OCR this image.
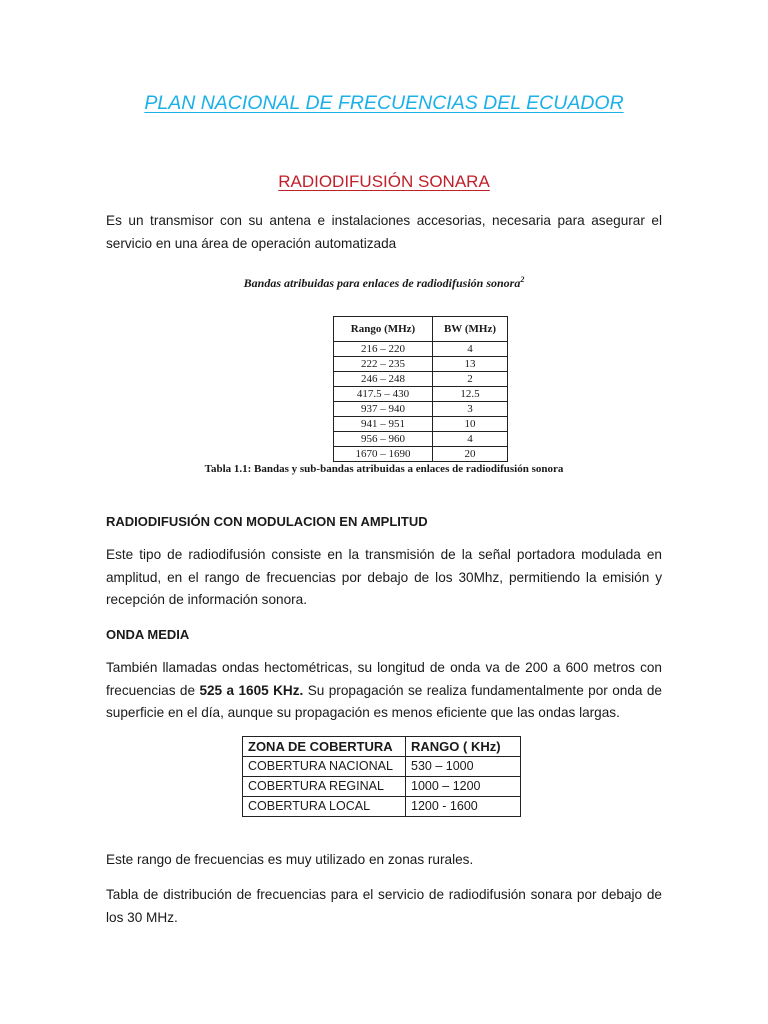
PLAN NACIONAL DE FRECUENCIAS DEL ECUADOR
RADIODIFUSIÓN SONARA

Es un transmisor con su antena e instalaciones accesorias, necesaria para asegurar el
servicio en una área de operación automatizada

Bandas atribuidas para enlaces de radiodifusión sonora$^2$
Rango (MHz)	BW (MHz)
216 – 220	4
222 – 235	13
246 – 248	2
417.5 – 430	12.5
937 – 940	3
941 – 951	10
956 – 960	4
1670 – 1690	20
Tabla 1.1: Bandas y sub-bandas atribuidas a enlaces de radiodifusión sonora

RADIODIFUSIÓN CON MODULACION EN AMPLITUD

Este tipo de radiodifusión consiste en la transmisión de la señal portadora modulada en
amplitud, en el rango de frecuencias por debajo de los 30Mhz, permitiendo la emisión y
recepción de información sonora.

ONDA MEDIA

También llamadas ondas hectométricas, su longitud de onda va de 200 a 600 metros con
frecuencias de 525 a 1605 KHz. Su propagación se realiza fundamentalmente por onda de
superficie en el día, aunque su propagación es menos eficiente que las ondas largas.

ZONA DE COBERTURA	RANGO ( KHz)
COBERTURA NACIONAL	530 – 1000
COBERTURA REGINAL	1000 – 1200
COBERTURA LOCAL	1200 - 1600

Este rango de frecuencias es muy utilizado en zonas rurales.

Tabla de distribución de frecuencias para el servicio de radiodifusión sonara por debajo de
los 30 MHz.
